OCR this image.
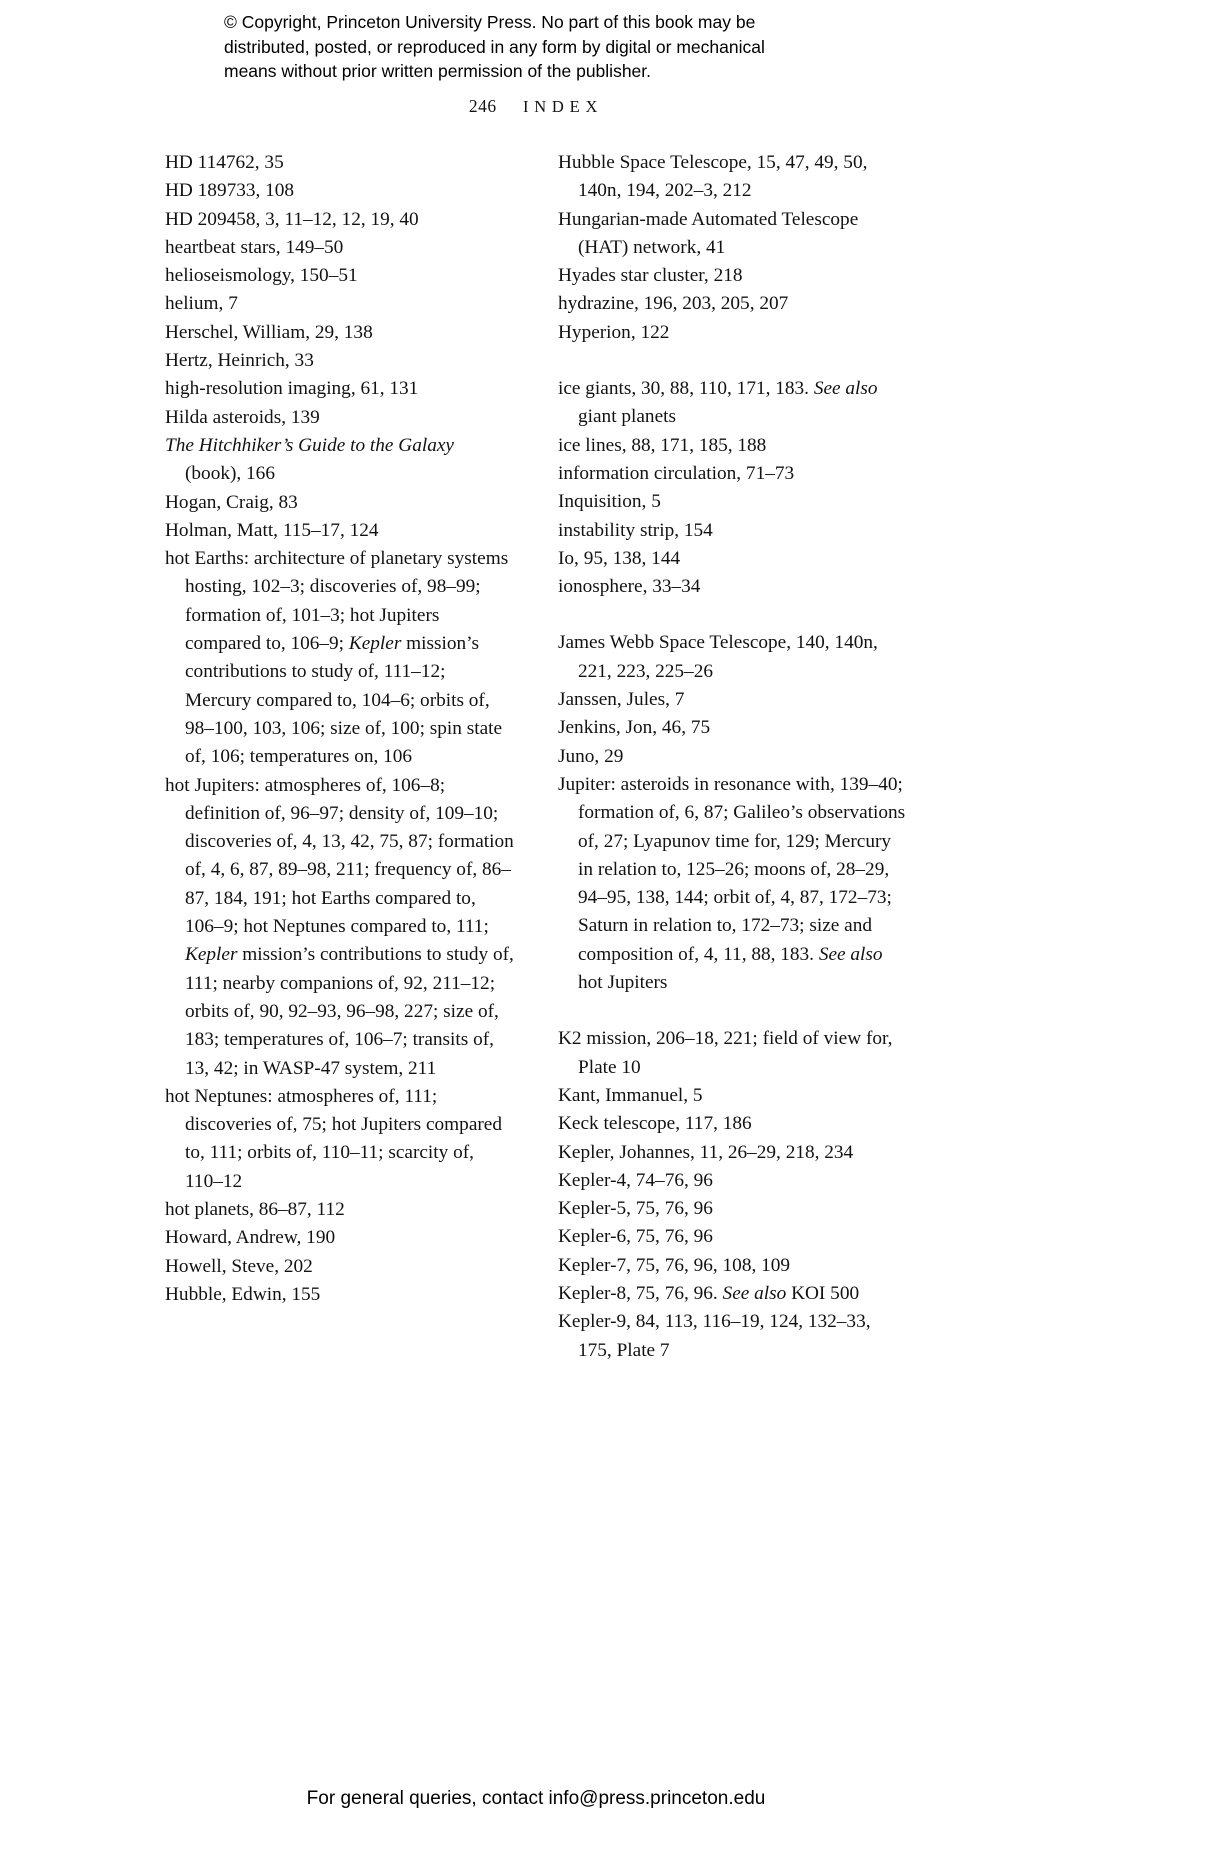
© Copyright, Princeton University Press. No part of this book may be
distributed, posted, or reproduced in any form by digital or mechanical
means without prior written permission of the publisher.
246 INDEX
HD 114762, 35
HD 189733, 108
HD 209458, 3, 11–12, 12, 19, 40
heartbeat stars, 149–50
helioseismology, 150–51
helium, 7
Herschel, William, 29, 138
Hertz, Heinrich, 33
high-resolution imaging, 61, 131
Hilda asteroids, 139
The Hitchhiker’s Guide to the Galaxy (book), 166
Hogan, Craig, 83
Holman, Matt, 115–17, 124
hot Earths: architecture of planetary systems hosting, 102–3; discoveries of, 98–99; formation of, 101–3; hot Jupiters compared to, 106–9; Kepler mission’s contributions to study of, 111–12; Mercury compared to, 104–6; orbits of, 98–100, 103, 106; size of, 100; spin state of, 106; temperatures on, 106
hot Jupiters: atmospheres of, 106–8; definition of, 96–97; density of, 109–10; discoveries of, 4, 13, 42, 75, 87; formation of, 4, 6, 87, 89–98, 211; frequency of, 86–87, 184, 191; hot Earths compared to, 106–9; hot Neptunes compared to, 111; Kepler mission’s contributions to study of, 111; nearby companions of, 92, 211–12; orbits of, 90, 92–93, 96–98, 227; size of, 183; temperatures of, 106–7; transits of, 13, 42; in WASP-47 system, 211
hot Neptunes: atmospheres of, 111; discoveries of, 75; hot Jupiters compared to, 111; orbits of, 110–11; scarcity of, 110–12
hot planets, 86–87, 112
Howard, Andrew, 190
Howell, Steve, 202
Hubble, Edwin, 155
Hubble Space Telescope, 15, 47, 49, 50, 140n, 194, 202–3, 212
Hungarian-made Automated Telescope (HAT) network, 41
Hyades star cluster, 218
hydrazine, 196, 203, 205, 207
Hyperion, 122
ice giants, 30, 88, 110, 171, 183. See also giant planets
ice lines, 88, 171, 185, 188
information circulation, 71–73
Inquisition, 5
instability strip, 154
Io, 95, 138, 144
ionosphere, 33–34
James Webb Space Telescope, 140, 140n, 221, 223, 225–26
Janssen, Jules, 7
Jenkins, Jon, 46, 75
Juno, 29
Jupiter: asteroids in resonance with, 139–40; formation of, 6, 87; Galileo’s observations of, 27; Lyapunov time for, 129; Mercury in relation to, 125–26; moons of, 28–29, 94–95, 138, 144; orbit of, 4, 87, 172–73; Saturn in relation to, 172–73; size and composition of, 4, 11, 88, 183. See also hot Jupiters
K2 mission, 206–18, 221; field of view for, Plate 10
Kant, Immanuel, 5
Keck telescope, 117, 186
Kepler, Johannes, 11, 26–29, 218, 234
Kepler-4, 74–76, 96
Kepler-5, 75, 76, 96
Kepler-6, 75, 76, 96
Kepler-7, 75, 76, 96, 108, 109
Kepler-8, 75, 76, 96. See also KOI 500
Kepler-9, 84, 113, 116–19, 124, 132–33, 175, Plate 7
For general queries, contact info@press.princeton.edu
